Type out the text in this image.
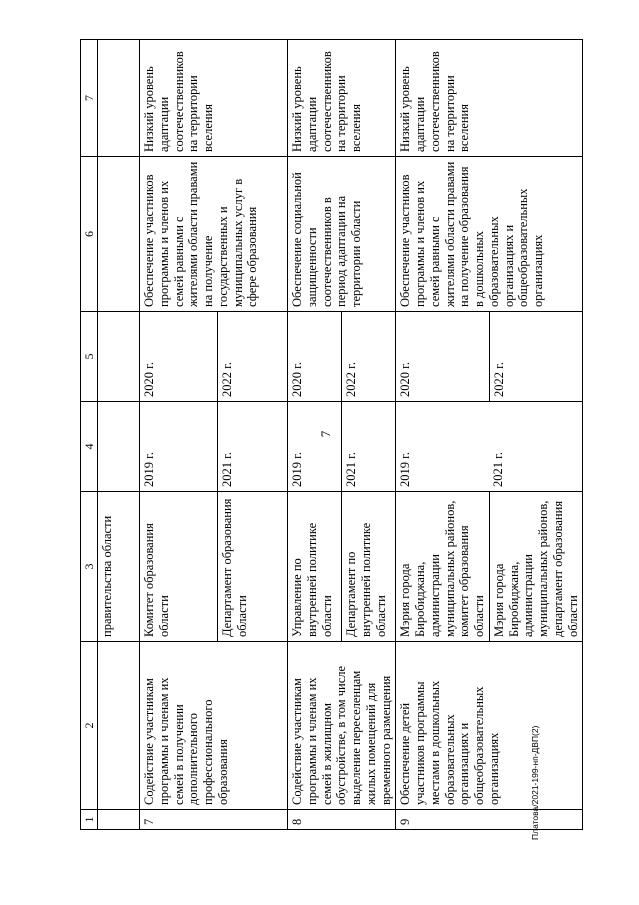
7
Платова/2021-199-нп-ДВП(2)
1	2	3	4	5	6	7
		правительства области				
7	Содействие участникам программы и членам их семей в получении дополнительного профессионального образования	Комитет образования области	2019 г.	2020 г.	Обеспечение участников программы и членов их семей равными с жителями области правами на получение государственных и муниципальных услуг в сфере образования	Низкий уровень адаптации соотечественников на территории вселения
		Департамент образования области	2021 г.	2022 г.		
8	Содействие участникам программы и членам их семей в жилищном обустройстве, в том числе выделение переселенцам жилых помещений для временного размещения	Управление по внутренней политике области	2019 г.	2020 г.	Обеспечение социальной защищенности соотечественников в период адаптации на территории области	Низкий уровень адаптации соотечественников на территории вселения
		Департамент по внутренней политике области	2021 г.	2022 г.		
9	Обеспечение детей участников программы местами в дошкольных образовательных организациях и общеобразовательных организациях	Мэрия города Биробиджана, администрации муниципальных районов, комитет образования области	2019 г.	2020 г.	Обеспечение участников программы и членов их семей равными с жителями области правами на получение образования в дошкольных образовательных организациях и общеобразовательных организациях	Низкий уровень адаптации соотечественников на территории вселения
		Мэрия города Биробиджана, администрации муниципальных районов, департамент образования области	2021 г.	2022 г.		
